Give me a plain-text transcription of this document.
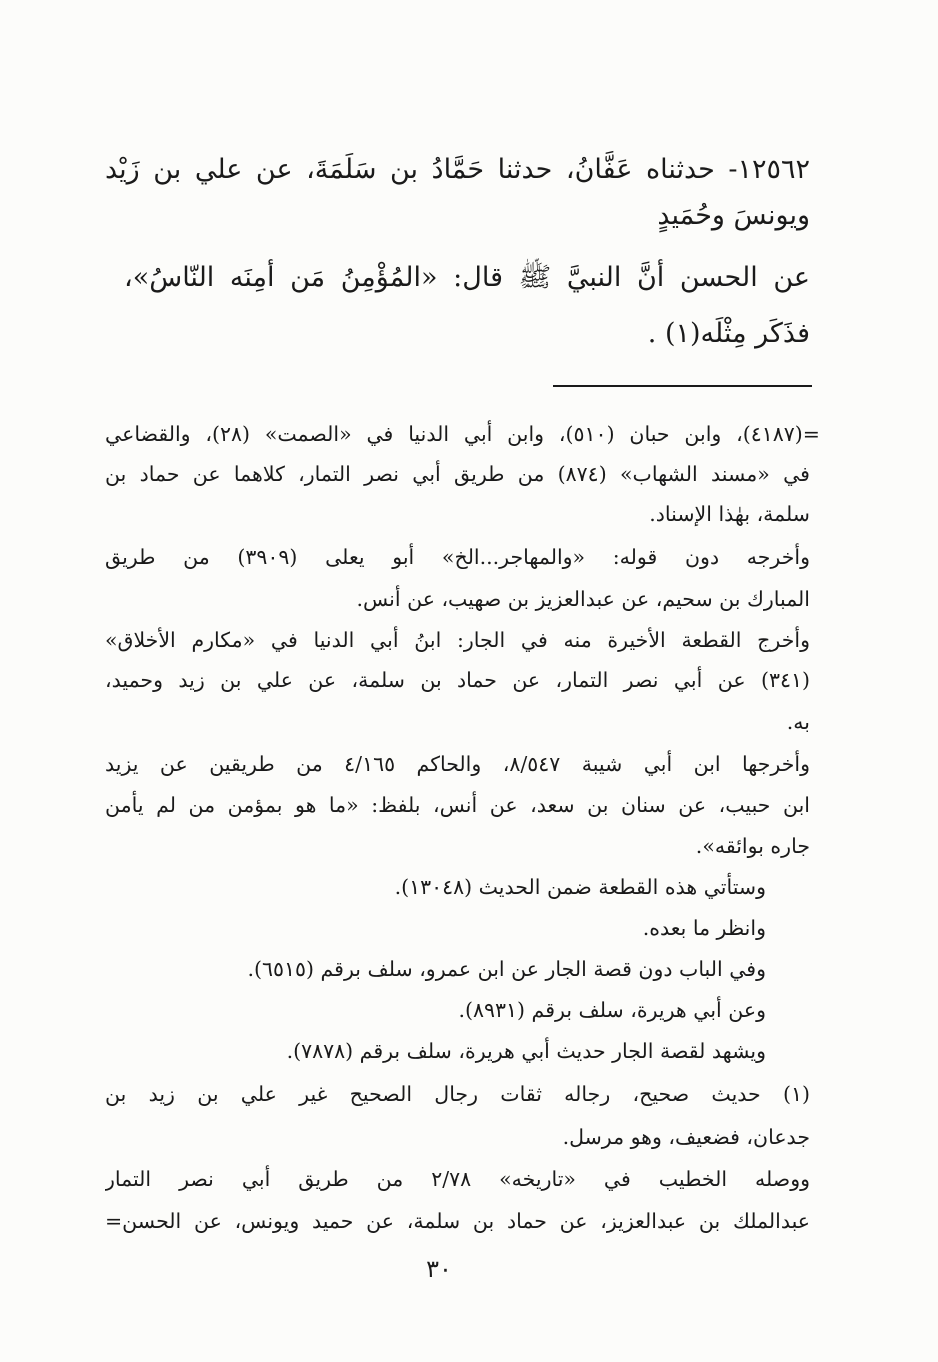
١٢٥٦٢- حدثناه عَفَّانُ، حدثنا حَمَّادُ بن سَلَمَةَ، عن علي بن زَيْد
ويونسَ وحُمَيدٍ
عن الحسن أنَّ النبيَّ ﷺ قال: «المُؤْمِنُ مَن أَمِنَه النّاسُ»،
فذَكَر مِثْلَه(١) .
=(٤١٨٧)، وابن حبان (٥١٠)، وابن أبي الدنيا في «الصمت» (٢٨)، والقضاعي
في «مسند الشهاب» (٨٧٤) من طريق أبي نصر التمار، كلاهما عن حماد بن
سلمة، بهٰذا الإسناد.
وأخرجه دون قوله: «والمهاجر...الخ» أبو يعلى (٣٩٠٩) من طريق
المبارك بن سحيم، عن عبدالعزيز بن صهيب، عن أنس.
وأخرج القطعة الأخيرة منه في الجار: ابنُ أبي الدنيا في «مكارم الأخلاق»
(٣٤١) عن أبي نصر التمار، عن حماد بن سلمة، عن علي بن زيد وحميد،
به.
وأخرجها ابن أبي شيبة ٨/٥٤٧، والحاكم ٤/١٦٥ من طريقين عن يزيد
ابن حبيب، عن سنان بن سعد، عن أنس، بلفظ: «ما هو بمؤمن من لم يأمن
جاره بوائقه».
وستأتي هذه القطعة ضمن الحديث (١٣٠٤٨).
وانظر ما بعده.
وفي الباب دون قصة الجار عن ابن عمرو، سلف برقم (٦٥١٥).
وعن أبي هريرة، سلف برقم (٨٩٣١).
ويشهد لقصة الجار حديث أبي هريرة، سلف برقم (٧٨٧٨).
(١) حديث صحيح، رجاله ثقات رجال الصحيح غير علي بن زيد بن
جدعان، فضعيف، وهو مرسل.
ووصله الخطيب في «تاريخه» ٢/٧٨ من طريق أبي نصر التمار
عبدالملك بن عبدالعزيز، عن حماد بن سلمة، عن حميد ويونس، عن الحسن=
٣٠
